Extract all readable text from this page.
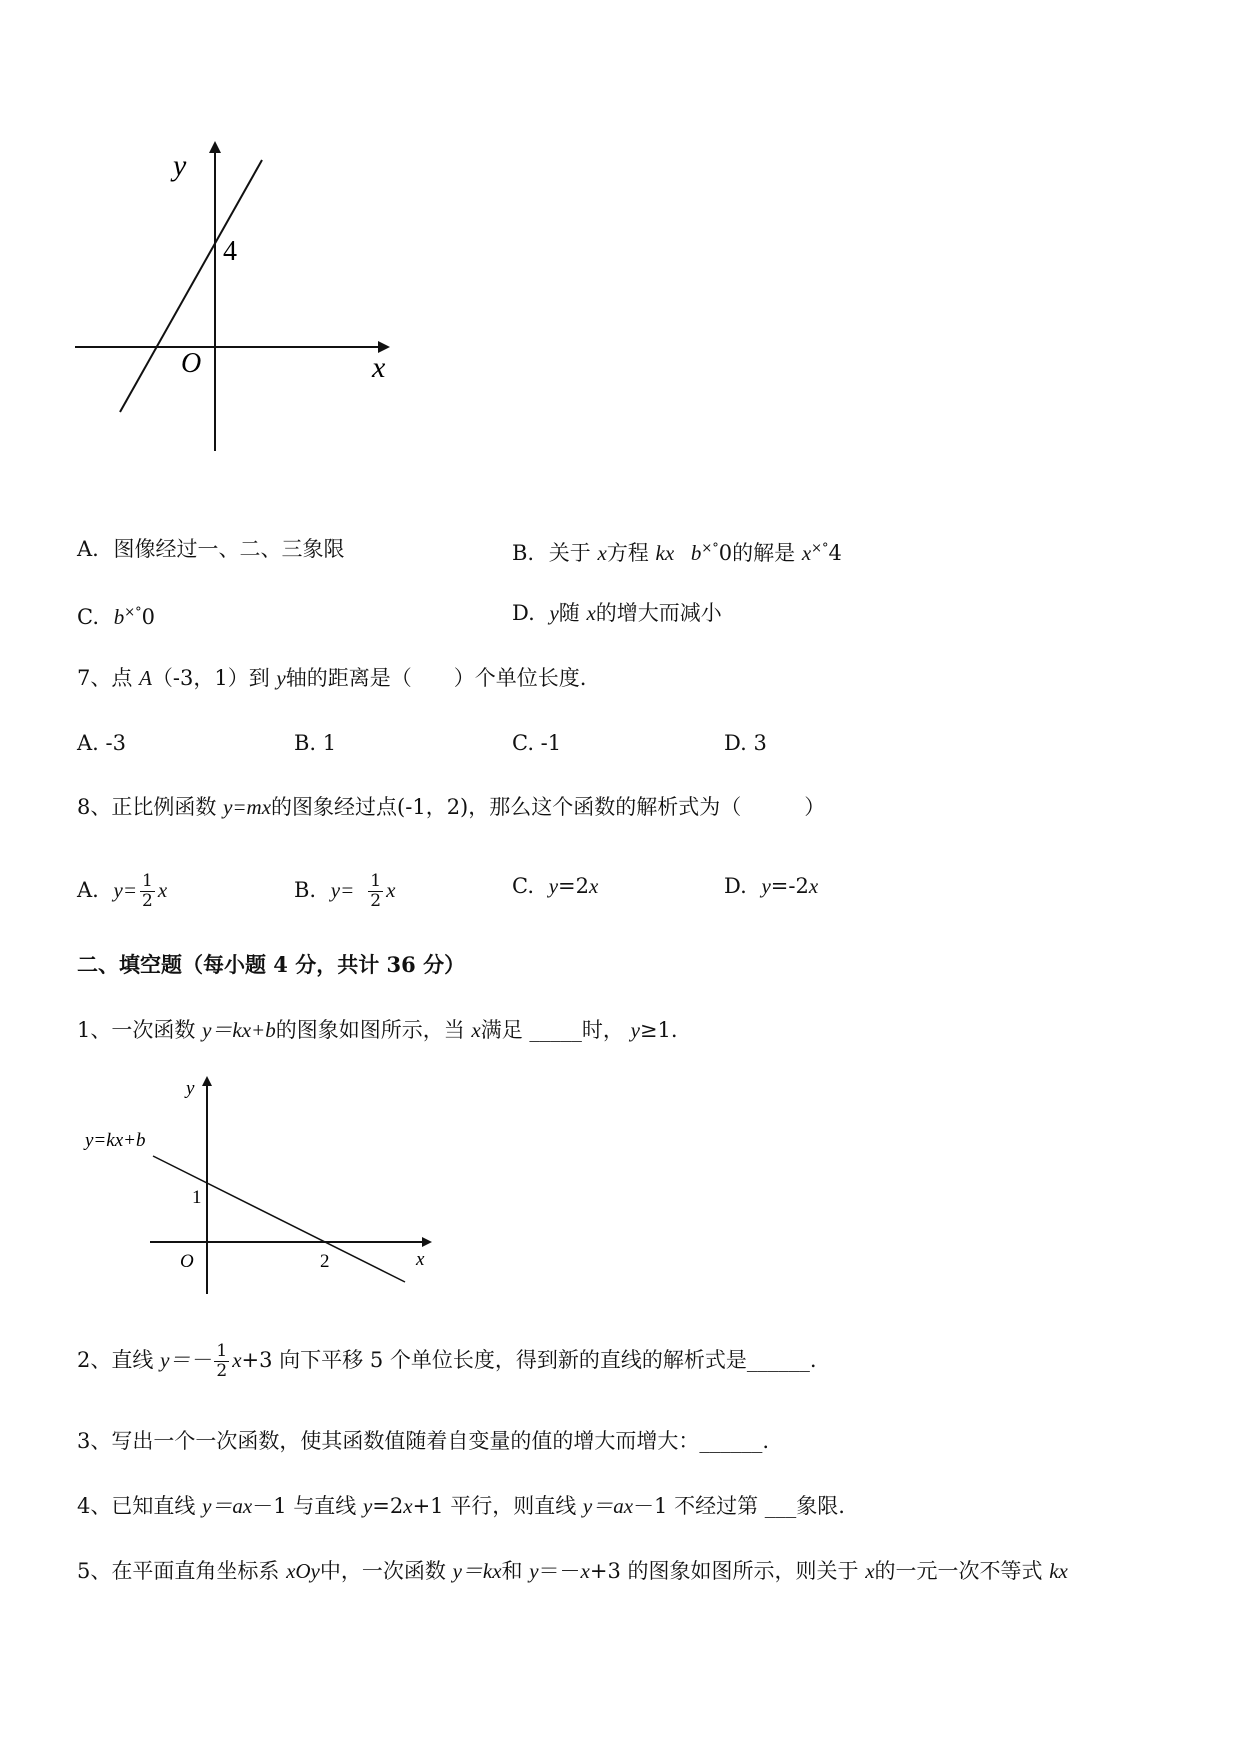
y
x
O
4
A. 图像经过一、二、三象限	B. 关于 x方程 kx b×°0的解是 x×°4
C. b×°0	D. y随 x的增大而减小
7、点 A（-3，1）到 y轴的距离是（　　）个单位长度.
A. -3	B. 1	C. -1	D. 3
8、正比例函数 y=mx的图象经过点(-1，2)，那么这个函数的解析式为（　　　）
A. $y= \frac{1}{2}$ x	B. $y= \frac{1}{2}$ x	C. y=2x	D. y=-2x
二、填空题（每小题 4 分，共计 36 分）
1、一次函数 y＝kx+b的图象如图所示，当 x满足 _____时， y≥1.
y=kx+b
y
x
O
1
2
2、直线 $y=- \frac{1}{2} x+3$ 向下平移 5 个单位长度，得到新的直线的解析式是______.
3、写出一个一次函数，使其函数值随着自变量的值的增大而增大：______.
4、已知直线 y＝ax－1 与直线 y=2x+1 平行，则直线 y＝ax－1 不经过第 ___象限.
5、在平面直角坐标系 xOy中，一次函数 y＝kx和 y＝－x+3 的图象如图所示，则关于 x的一元一次不等式 kx
